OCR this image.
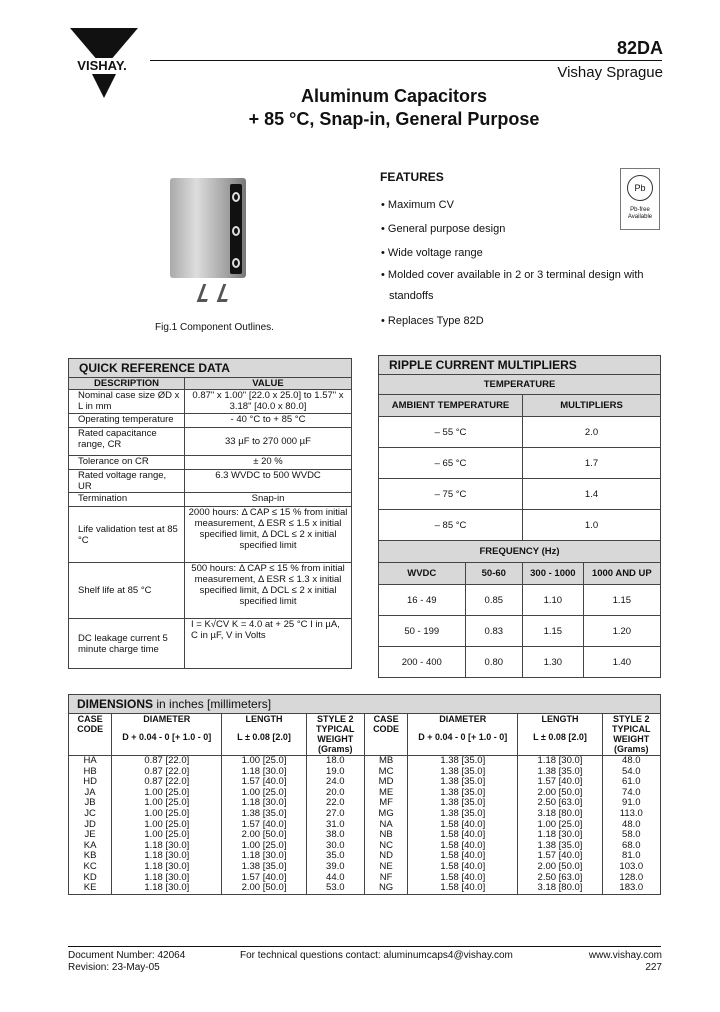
VISHAY.
82DA
Vishay Sprague
Aluminum Capacitors
+ 85 °C, Snap-in, General Purpose
Fig.1 Component Outlines.
FEATURES
• Maximum CV
• General purpose design
• Wide voltage range
• Molded cover available in 2 or 3 terminal design with
standoffs
• Replaces Type 82D
Pb
Pb-free Available
QUICK REFERENCE DATA
DESCRIPTION	VALUE
Nominal case size ØD x L in mm	0.87" x 1.00" [22.0 x 25.0] to 1.57" x 3.18" [40.0 x 80.0]
Operating temperature	- 40 °C to + 85 °C
Rated capacitance range, CR	33 µF to 270 000 µF
Tolerance on CR	± 20 %
Rated voltage range, UR	6.3 WVDC to 500 WVDC
Termination	Snap-in
Life validation test at 85 °C	2000 hours: Δ CAP ≤ 15 % from initial measurement, Δ ESR ≤ 1.5 x initial specified limit, Δ DCL ≤ 2 x initial specified limit
Shelf life at 85 °C	500 hours: Δ CAP ≤ 15 % from initial measurement, Δ ESR ≤ 1.3 x initial specified limit, Δ DCL ≤ 2 x initial specified limit
DC leakage current 5 minute charge time	I = K√CV K = 4.0 at + 25 °C I in µA, C in µF, V in Volts
RIPPLE CURRENT MULTIPLIERS
TEMPERATURE			
AMBIENT TEMPERATURE		MULTIPLIERS	
– 55 °C		2.0	
– 65 °C		1.7	
– 75 °C		1.4	
– 85 °C		1.0	
FREQUENCY (Hz)			
WVDC	50-60	300 - 1000	1000 AND UP
16 - 49	0.85	1.10	1.15
50 - 199	0.83	1.15	1.20
200 - 400	0.80	1.30	1.40
DIMENSIONS in inches [millimeters]
CASE CODE	
DIAMETER
D + 0.04 - 0 [+ 1.0 - 0]

LENGTH
L ± 0.08 [2.0]
	STYLE 2 TYPICAL WEIGHT (Grams)	CASE CODE	
DIAMETER
D + 0.04 - 0 [+ 1.0 - 0]

LENGTH
L ± 0.08 [2.0]
	STYLE 2 TYPICAL WEIGHT (Grams)
HA	0.87 [22.0]	1.00 [25.0]	18.0	MB	1.38 [35.0]	1.18 [30.0]	48.0
HB	0.87 [22.0]	1.18 [30.0]	19.0	MC	1.38 [35.0]	1.38 [35.0]	54.0
HD	0.87 [22.0]	1.57 [40.0]	24.0	MD	1.38 [35.0]	1.57 [40.0]	61.0
JA	1.00 [25.0]	1.00 [25.0]	20.0	ME	1.38 [35.0]	2.00 [50.0]	74.0
JB	1.00 [25.0]	1.18 [30.0]	22.0	MF	1.38 [35.0]	2.50 [63.0]	91.0
JC	1.00 [25.0]	1.38 [35.0]	27.0	MG	1.38 [35.0]	3.18 [80.0]	113.0
JD	1.00 [25.0]	1.57 [40.0]	31.0	NA	1.58 [40.0]	1.00 [25.0]	48.0
JE	1.00 [25.0]	2.00 [50.0]	38.0	NB	1.58 [40.0]	1.18 [30.0]	58.0
KA	1.18 [30.0]	1.00 [25.0]	30.0	NC	1.58 [40.0]	1.38 [35.0]	68.0
KB	1.18 [30.0]	1.18 [30.0]	35.0	ND	1.58 [40.0]	1.57 [40.0]	81.0
KC	1.18 [30.0]	1.38 [35.0]	39.0	NE	1.58 [40.0]	2.00 [50.0]	103.0
KD	1.18 [30.0]	1.57 [40.0]	44.0	NF	1.58 [40.0]	2.50 [63.0]	128.0
KE	1.18 [30.0]	2.00 [50.0]	53.0	NG	1.58 [40.0]	3.18 [80.0]	183.0
Document Number: 42064
Revision: 23-May-05
For technical questions contact: aluminumcaps4@vishay.com	www.vishay.com
227
